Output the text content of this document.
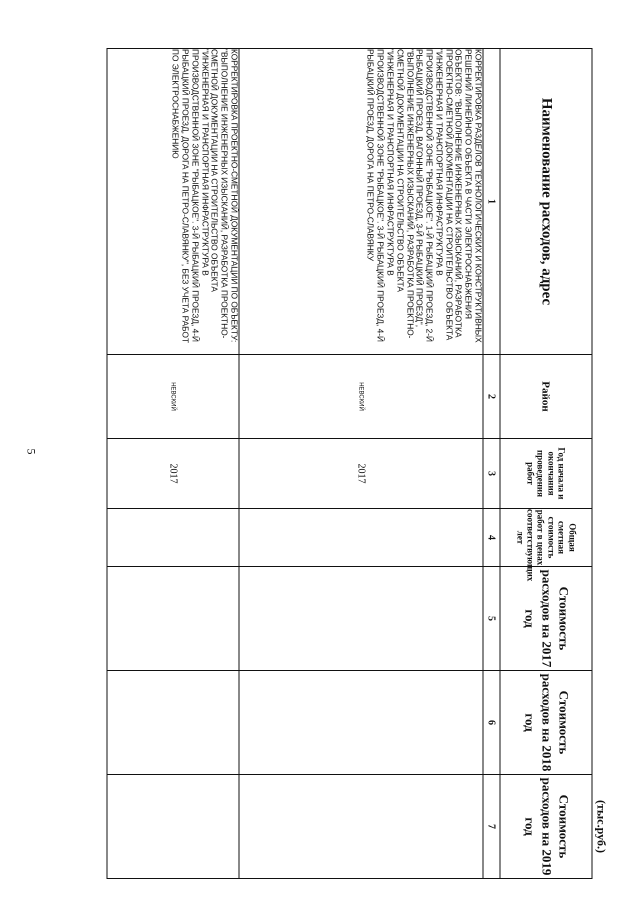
5
(тыс.руб.)
Наименование расходов, адрес	Район	Год начала и окончания проведения работ	Общая сметная стоимость работ в ценах соответствующих лет	Стоимость расходов на 2017 год	Стоимость расходов на 2018 год	Стоимость расходов на 2019 год
1	2	3	4	5	6	7
КОРРЕКТИРОВКА РАЗДЕЛОВ ТЕХНОЛОГИЧЕСКИХ И КОНСТРУКТИВНЫХ РЕШЕНИЙ ЛИНЕЙНОГО ОБЪЕКТА В ЧАСТИ ЭЛЕКТРОСНАБЖЕНИЯ ОБЪЕКТОВ: "ВЫПОЛНЕНИЕ ИНЖЕНЕРНЫХ ИЗЫСКАНИЙ, РАЗРАБОТКА ПРОЕКТНО-СМЕТНОЙ ДОКУМЕНТАЦИИ НА СТРОИТЕЛЬСТВО ОБЪЕКТА "ИНЖЕНЕРНАЯ И ТРАНСПОРТНАЯ ИНФРАСТРУКТУРА В ПРОИЗВОДСТВЕННОЙ ЗОНЕ "РЫБАЦКОЕ". 1-Й РЫБАЦКИЙ ПРОЕЗД, 2-Й РЫБАЦКИЙ ПРОЕЗД, ВАГОННЫЙ ПРОЕЗД, 3-Й РЫБАЦКИЙ ПРОЕЗД", "ВЫПОЛНЕНИЕ ИНЖЕНЕРНЫХ ИЗЫСКАНИЙ, РАЗРАБОТКА ПРОЕКТНО-СМЕТНОЙ ДОКУМЕНТАЦИИ НА СТРОИТЕЛЬСТВО ОБЪЕКТА "ИНЖЕНЕРНАЯ И ТРАНСПОРТНАЯ ИНФРАСТРУКТУРА В ПРОИЗВОДСТВЕННОЙ ЗОНЕ "РЫБАЦКОЕ". 3-Й РЫБАЦКИЙ ПРОЕЗД, 4-Й РЫБАЦКИЙ ПРОЕЗД, ДОРОГА НА ПЕТРО-СЛАВЯНКУ	НЕВСКИЙ	2017				
КОРРЕКТИРОВКА ПРОЕКТНО-СМЕТНОЙ ДОКУМЕНТАЦИИ ПО ОБЪЕКТУ: "ВЫПОЛНЕНИЕ ИНЖЕНЕРНЫХ ИЗЫСКАНИЙ, РАЗРАБОТКА ПРОЕКТНО-СМЕТНОЙ ДОКУМЕНТАЦИИ НА СТРОИТЕЛЬСТВО ОБЪЕКТА "ИНЖЕНЕРНАЯ И ТРАНСПОРТНАЯ ИНФРАСТРУКТУРА В ПРОИЗВОДСТВЕННОЙ ЗОНЕ "РЫБАЦКОЕ". 3-Й РЫБАЦКИЙ ПРОЕЗД, 4-Й РЫБАЦКИЙ ПРОЕЗД, ДОРОГА НА ПЕТРО-СЛАВЯНКУ", БЕЗ УЧЕТА РАБОТ ПО ЭЛЕКТРОСНАБЖЕНИЮ	НЕВСКИЙ	2017				
